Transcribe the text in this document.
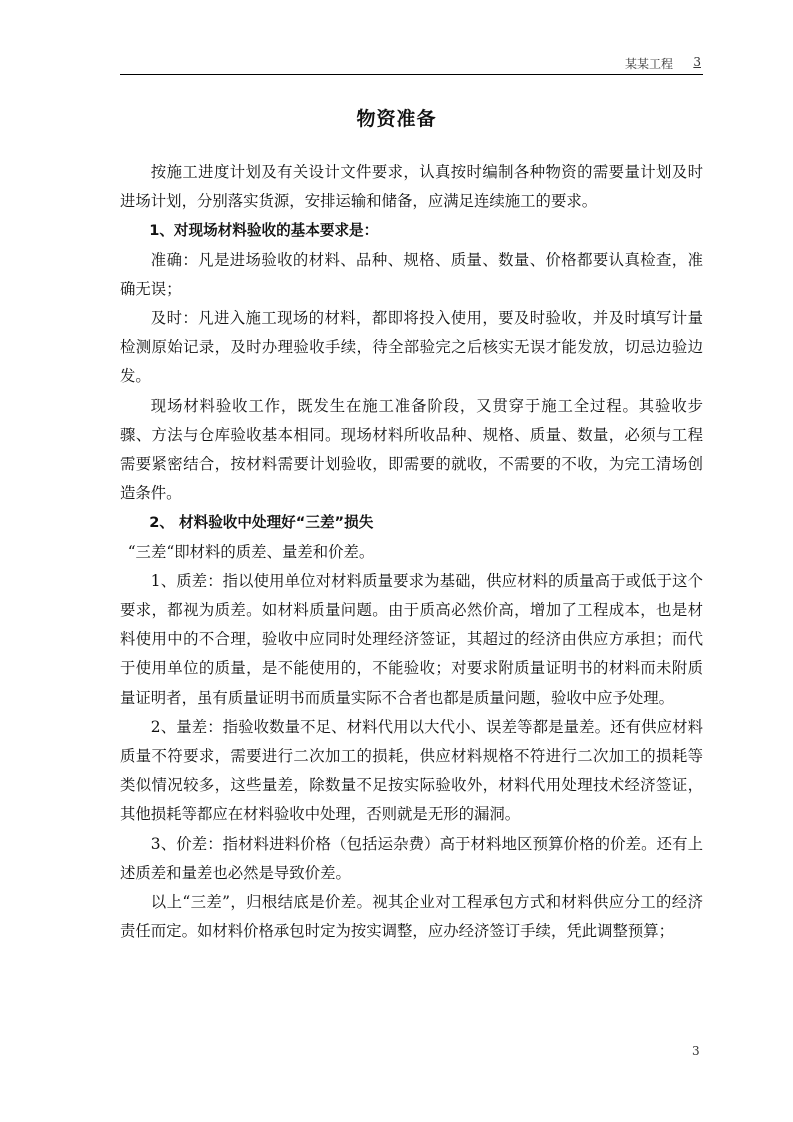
某某工程 3
物资准备

按施工进度计划及有关设计文件要求，认真按时编制各种物资的需要量计划及时进场计划，分别落实货源，安排运输和储备，应满足连续施工的要求。

1、对现场材料验收的基本要求是：

准确：凡是进场验收的材料、品种、规格、质量、数量、价格都要认真检查，准确无误；

及时：凡进入施工现场的材料，都即将投入使用，要及时验收，并及时填写计量检测原始记录，及时办理验收手续，待全部验完之后核实无误才能发放，切忌边验边发。

现场材料验收工作，既发生在施工准备阶段，又贯穿于施工全过程。其验收步骤、方法与仓库验收基本相同。现场材料所收品种、规格、质量、数量，必须与工程需要紧密结合，按材料需要计划验收，即需要的就收，不需要的不收，为完工清场创造条件。

2、 材料验收中处理好“三差”损失

“三差“即材料的质差、量差和价差。

1、质差：指以使用单位对材料质量要求为基础，供应材料的质量高于或低于这个要求，都视为质差。如材料质量问题。由于质高必然价高，增加了工程成本，也是材料使用中的不合理，验收中应同时处理经济签证，其超过的经济由供应方承担；而代于使用单位的质量，是不能使用的，不能验收；对要求附质量证明书的材料而未附质量证明者，虽有质量证明书而质量实际不合者也都是质量问题，验收中应予处理。

2、量差：指验收数量不足、材料代用以大代小、误差等都是量差。还有供应材料质量不符要求，需要进行二次加工的损耗，供应材料规格不符进行二次加工的损耗等类似情况较多，这些量差，除数量不足按实际验收外，材料代用处理技术经济签证，其他损耗等都应在材料验收中处理，否则就是无形的漏洞。

3、价差：指材料进料价格（包括运杂费）高于材料地区预算价格的价差。还有上述质差和量差也必然是导致价差。

以上“三差”，归根结底是价差。视其企业对工程承包方式和材料供应分工的经济责任而定。如材料价格承包时定为按实调整，应办经济签订手续，凭此调整预算；

3
